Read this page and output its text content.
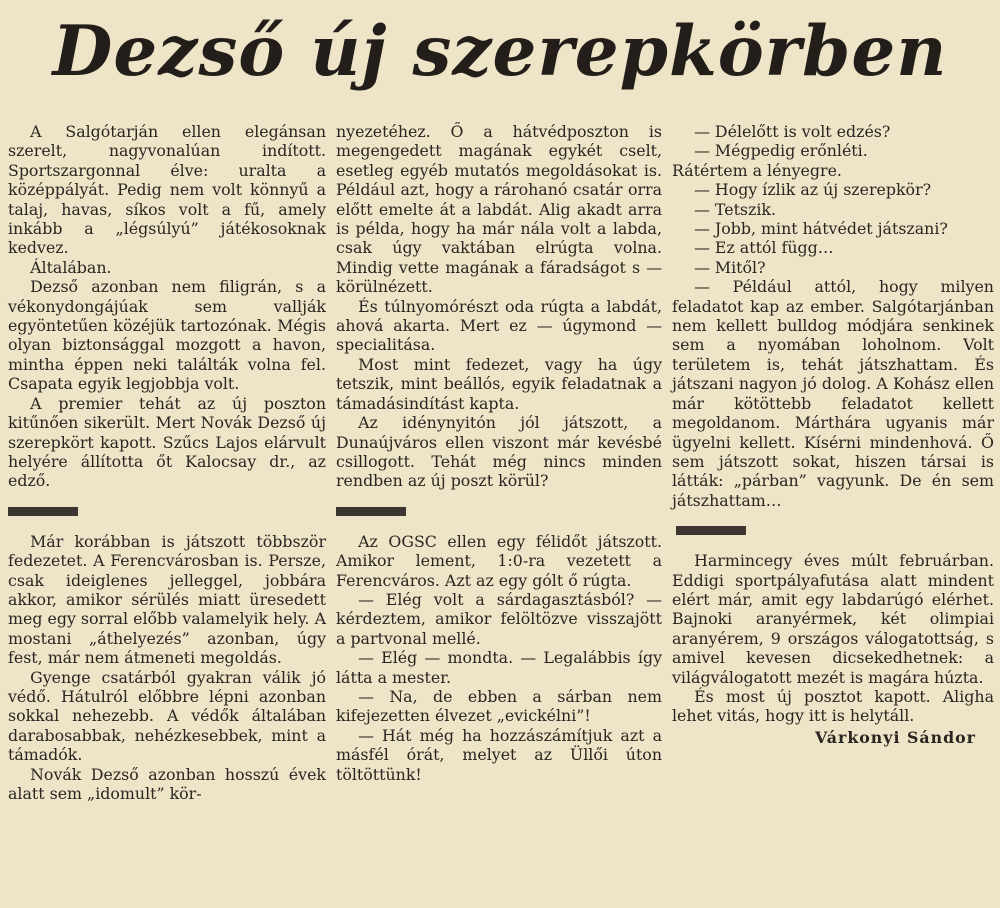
Dezső új szerepkörben

A Salgótarján ellen elegánsan szerelt, nagyvonalúan indított. Sportszargonnal élve: uralta a középpályát. Pedig nem volt könnyű a talaj, havas, síkos volt a fű, amely inkább a „légsúlyú” játékosoknak kedvez.

Általában.

Dezső azonban nem filigrán, s a vékonydongájúak sem vallják egyöntetűen közéjük tartozónak. Mégis olyan biztonsággal mozgott a havon, mintha éppen neki találták volna fel. Csapata egyik legjobbja volt.

A premier tehát az új poszton kitűnően sikerült. Mert Novák Dezső új szerepkört kapott. Szűcs Lajos elárvult helyére állította őt Kalocsay dr., az edző.

Már korábban is játszott többször fedezetet. A Ferencvárosban is. Persze, csak ideiglenes jelleggel, jobbára akkor, amikor sérülés miatt üresedett meg egy sorral előbb valamelyik hely. A mostani „áthelyezés” azonban, úgy fest, már nem átmeneti megoldás.

Gyenge csatárból gyakran válik jó védő. Hátulról előbbre lépni azonban sokkal nehezebb. A védők általában darabosabbak, nehézkesebbek, mint a támadók.

Novák Dezső azonban hosszú évek alatt sem „idomult” kör-

nyezetéhez. Ő a hátvédposzton is megengedett magának egykét cselt, esetleg egyéb mutatós megoldásokat is. Például azt, hogy a rárohanó csatár orra előtt emelte át a labdát. Alig akadt arra is példa, hogy ha már nála volt a labda, csak úgy vaktában elrúgta volna. Mindig vette magának a fáradságot s — körülnézett.

És túlnyomórészt oda rúgta a labdát, ahová akarta. Mert ez — úgymond — specialitása.

Most mint fedezet, vagy ha úgy tetszik, mint beállós, egyik feladatnak a támadásindítást kapta.

Az idénynyitón jól játszott, a Dunaújváros ellen viszont már kevésbé csillogott. Tehát még nincs minden rendben az új poszt körül?

Az OGSC ellen egy félidőt játszott. Amikor lement, 1:0-ra vezetett a Ferencváros. Azt az egy gólt ő rúgta.

— Elég volt a sárdagasztásból? — kérdeztem, amikor felöltözve visszajött a partvonal mellé.

— Elég — mondta. — Legalábbis így látta a mester.

— Na, de ebben a sárban nem kifejezetten élvezet „evickélni”!

— Hát még ha hozzászámítjuk azt a másfél órát, melyet az Üllői úton töltöttünk!

— Délelőtt is volt edzés?

— Mégpedig erőnléti.

Rátértem a lényegre.

— Hogy ízlik az új szerepkör?

— Tetszik.

— Jobb, mint hátvédet játszani?

— Ez attól függ…

— Mitől?

— Például attól, hogy milyen feladatot kap az ember. Salgótarjánban nem kellett bulldog módjára senkinek sem a nyomában loholnom. Volt területem is, tehát játszhattam. És játszani nagyon jó dolog. A Kohász ellen már kötöttebb feladatot kellett megoldanom. Márthára ugyanis már ügyelni kellett. Kísérni mindenhová. Ő sem játszott sokat, hiszen társai is látták: „párban” vagyunk. De én sem játszhattam…

Harmincegy éves múlt februárban. Eddigi sportpályafutása alatt mindent elért már, amit egy labdarúgó elérhet. Bajnoki aranyérmek, két olimpiai aranyérem, 9 országos válogatottság, s amivel kevesen dicsekedhetnek: a világválogatott mezét is magára húzta.

És most új posztot kapott. Aligha lehet vitás, hogy itt is helytáll.

Várkonyi Sándor
